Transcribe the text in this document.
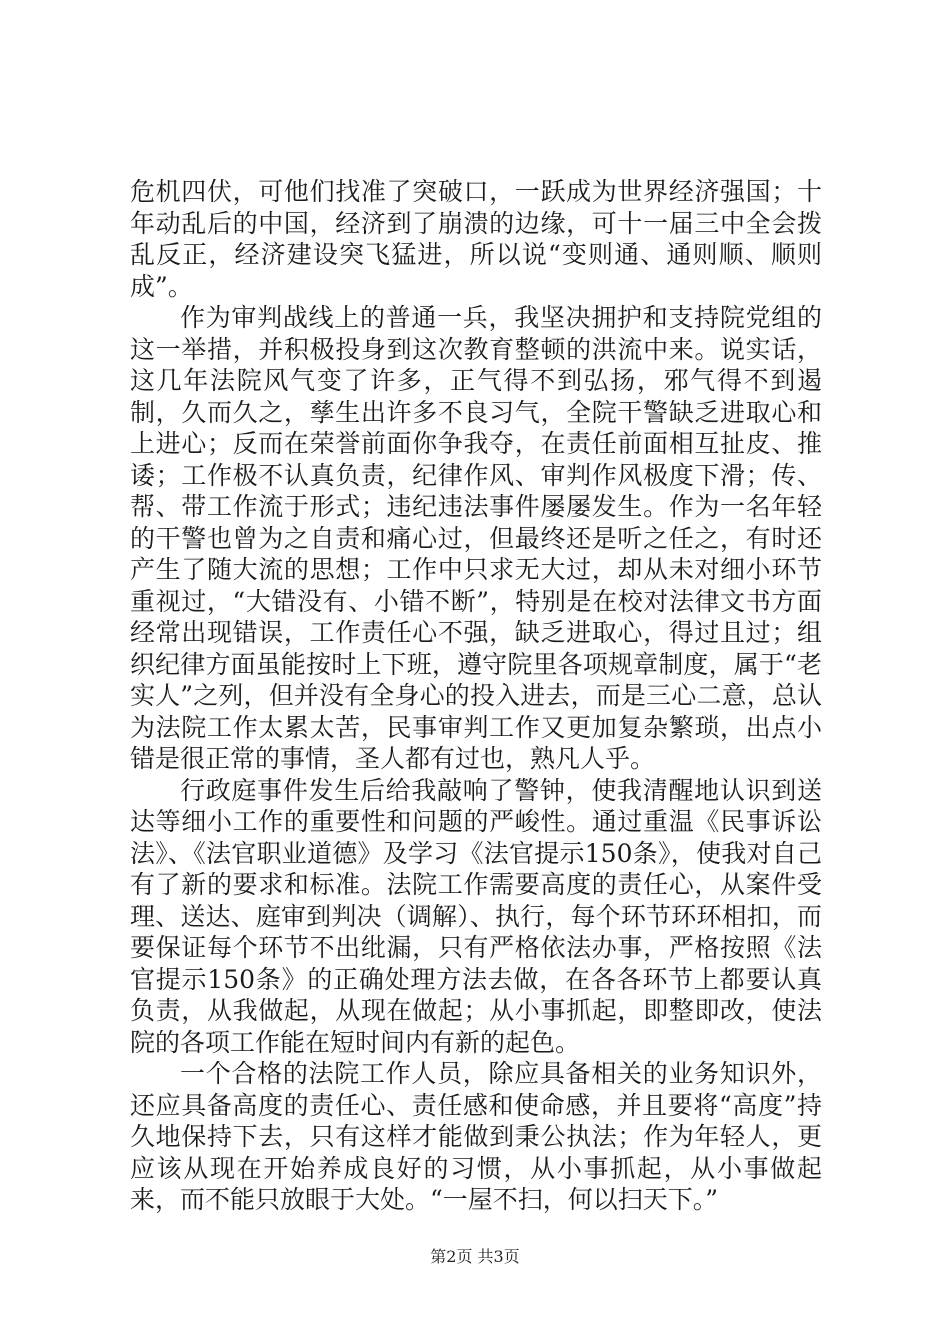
危机四伏，可他们找准了突破口，一跃成为世界经济强国；十年动乱后的中国，经济到了崩溃的边缘，可十一届三中全会拨乱反正，经济建设突飞猛进，所以说“变则通、通则顺、顺则成”。

作为审判战线上的普通一兵，我坚决拥护和支持院党组的这一举措，并积极投身到这次教育整顿的洪流中来。说实话，这几年法院风气变了许多，正气得不到弘扬，邪气得不到遏制，久而久之，孳生出许多不良习气，全院干警缺乏进取心和上进心；反而在荣誉前面你争我夺，在责任前面相互扯皮、推诿；工作极不认真负责，纪律作风、审判作风极度下滑；传、帮、带工作流于形式；违纪违法事件屡屡发生。作为一名年轻的干警也曾为之自责和痛心过，但最终还是听之任之，有时还产生了随大流的思想；工作中只求无大过，却从未对细小环节重视过，“大错没有、小错不断”，特别是在校对法律文书方面经常出现错误，工作责任心不强，缺乏进取心，得过且过；组织纪律方面虽能按时上下班，遵守院里各项规章制度，属于“老实人”之列，但并没有全身心的投入进去，而是三心二意，总认为法院工作太累太苦，民事审判工作又更加复杂繁琐，出点小错是很正常的事情，圣人都有过也，熟凡人乎。

行政庭事件发生后给我敲响了警钟，使我清醒地认识到送达等细小工作的重要性和问题的严峻性。通过重温《民事诉讼法》、《法官职业道德》及学习《法官提示150条》，使我对自己有了新的要求和标准。法院工作需要高度的责任心，从案件受理、送达、庭审到判决（调解）、执行，每个环节环环相扣，而要保证每个环节不出纰漏，只有严格依法办事，严格按照《法官提示150条》的正确处理方法去做，在各各环节上都要认真负责，从我做起，从现在做起；从小事抓起，即整即改，使法院的各项工作能在短时间内有新的起色。

一个合格的法院工作人员，除应具备相关的业务知识外，还应具备高度的责任心、责任感和使命感，并且要将“高度”持久地保持下去，只有这样才能做到秉公执法；作为年轻人，更应该从现在开始养成良好的习惯，从小事抓起，从小事做起来，而不能只放眼于大处。“一屋不扫，何以扫天下。”

第2页 共3页
